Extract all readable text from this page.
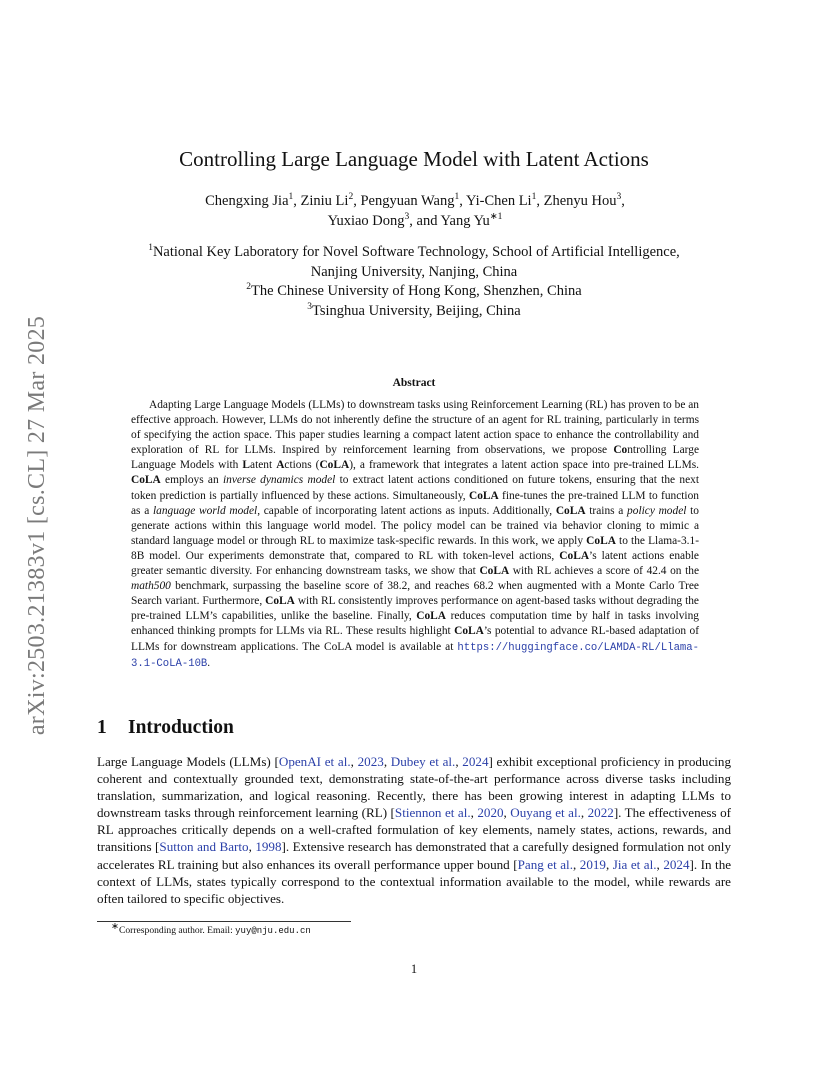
arXiv:2503.21383v1 [cs.CL] 27 Mar 2025
Controlling Large Language Model with Latent Actions
Chengxing Jia$^1$, Ziniu Li$^2$, Pengyuan Wang$^1$, Yi-Chen Li$^1$, Zhenyu Hou$^3$,
Yuxiao Dong$^3$, and Yang $Yu^{∗1}$
$^1$National Key Laboratory for Novel Software Technology, School of Artificial Intelligence,
Nanjing University, Nanjing, China
$^2$The Chinese University of Hong Kong, Shenzhen, China
$^3$Tsinghua University, Beijing, China
Abstract
Adapting Large Language Models (LLMs) to downstream tasks using Reinforcement Learning (RL) has proven to be an effective approach. However, LLMs do not inherently define the structure of an agent for RL training, particularly in terms of specifying the action space. This paper studies learning a compact latent action space to enhance the controllability and exploration of RL for LLMs. Inspired by reinforcement learning from observations, we propose Controlling Large Language Models with Latent Actions (CoLA), a framework that integrates a latent action space into pre-trained LLMs. CoLA employs an inverse dynamics model to extract latent actions conditioned on future tokens, ensuring that the next token prediction is partially influenced by these actions. Simultaneously, CoLA fine-tunes the pre-trained LLM to function as a language world model, capable of incorporating latent actions as inputs. Additionally, CoLA trains a policy model to generate actions within this language world model. The policy model can be trained via behavior cloning to mimic a standard language model or through RL to maximize task-specific rewards. In this work, we apply CoLA to the Llama-3.1-8B model. Our experiments demonstrate that, compared to RL with token-level actions, CoLA’s latent actions enable greater semantic diversity. For enhancing downstream tasks, we show that CoLA with RL achieves a score of 42.4 on the math500 benchmark, surpassing the baseline score of 38.2, and reaches 68.2 when augmented with a Monte Carlo Tree Search variant. Furthermore, CoLA with RL consistently improves performance on agent-based tasks without degrading the pre-trained LLM’s capabilities, unlike the baseline. Finally, CoLA reduces computation time by half in tasks involving enhanced thinking prompts for LLMs via RL. These results highlight CoLA’s potential to advance RL-based adaptation of LLMs for downstream applications. The CoLA model is available at https://huggingface.co/LAMDA-RL/Llama-3.1-CoLA-10B.
1 Introduction
Large Language Models (LLMs) [OpenAI et al., 2023, Dubey et al., 2024] exhibit exceptional proficiency in producing coherent and contextually grounded text, demonstrating state-of-the-art performance across diverse tasks including translation, summarization, and logical reasoning. Recently, there has been growing interest in adapting LLMs to downstream tasks through reinforcement learning (RL) [Stiennon et al., 2020, Ouyang et al., 2022]. The effectiveness of RL approaches critically depends on a well-crafted formulation of key elements, namely states, actions, rewards, and transitions [Sutton and Barto, 1998]. Extensive research has demonstrated that a carefully designed formulation not only accelerates RL training but also enhances its overall performance upper bound [Pang et al., 2019, Jia et al., 2024]. In the context of LLMs, states typically correspond to the contextual information available to the model, while rewards are often tailored to specific objectives.
∗Corresponding author. Email: yuy@nju.edu.cn
1
